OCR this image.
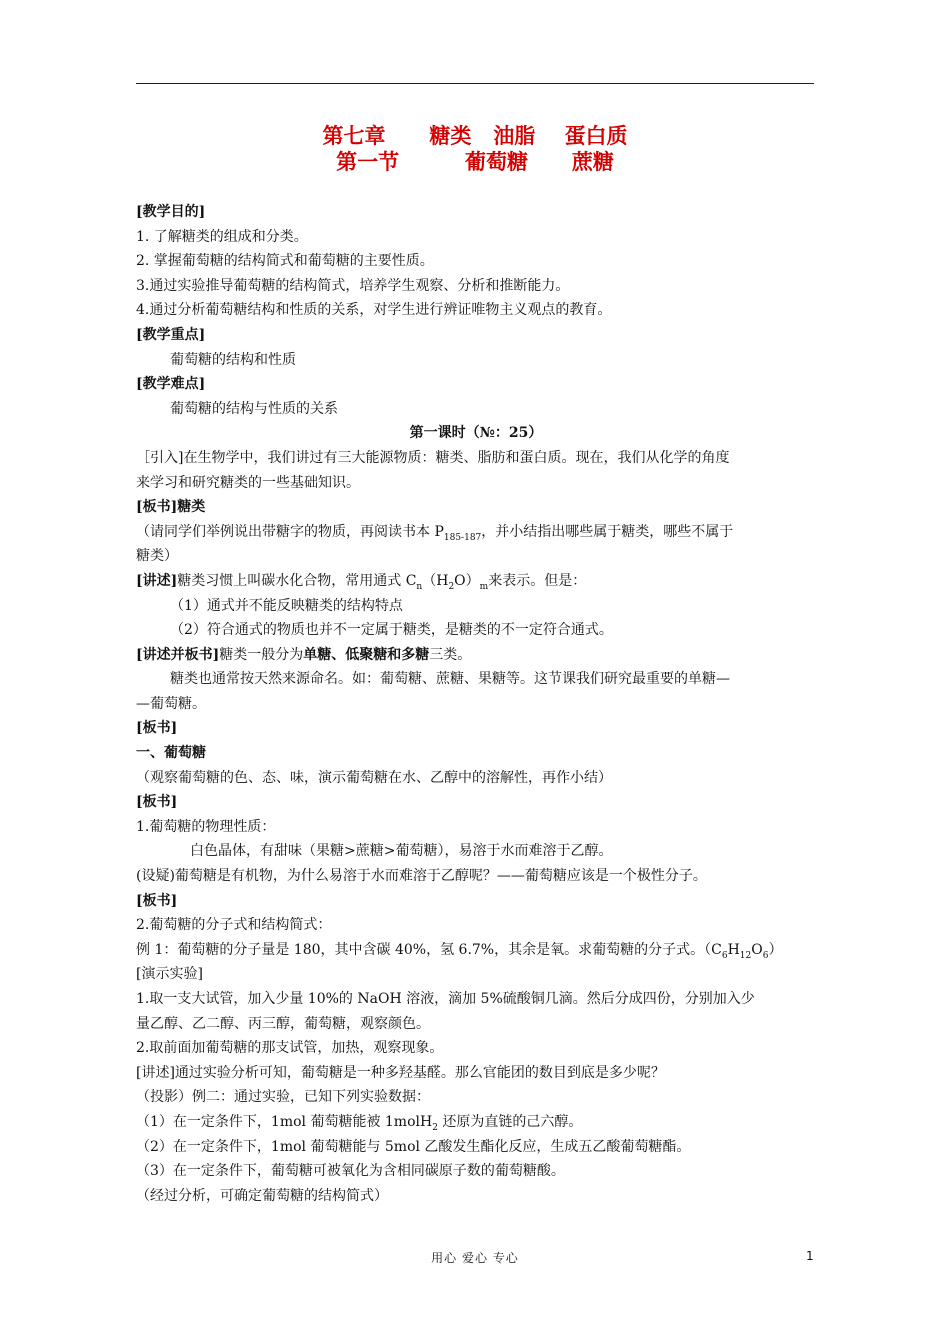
第七章      糖类   油脂    蛋白质
第一节         葡萄糖      蔗糖

[教学目的]

1. 了解糖类的组成和分类。

2. 掌握葡萄糖的结构简式和葡萄糖的主要性质。

3.通过实验推导葡萄糖的结构简式，培养学生观察、分析和推断能力。

4.通过分析葡萄糖结构和性质的关系，对学生进行辨证唯物主义观点的教育。

[教学重点]

葡萄糖的结构和性质

[教学难点]

葡萄糖的结构与性质的关系

第一课时（№：25）

［引入]在生物学中，我们讲过有三大能源物质：糖类、脂肪和蛋白质。现在，我们从化学的角度

来学习和研究糖类的一些基础知识。

[板书]糖类

（请同学们举例说出带糖字的物质，再阅读书本 $P_{185-187}$，并小结指出哪些属于糖类，哪些不属于

糖类）

[讲述]糖类习惯上叫碳水化合物，常用通式 $C_n(H_2O)_m$来表示。但是：

（1）通式并不能反映糖类的结构特点

（2）符合通式的物质也并不一定属于糖类，是糖类的不一定符合通式。

[讲述并板书]糖类一般分为单糖、低聚糖和多糖三类。

糖类也通常按天然来源命名。如：葡萄糖、蔗糖、果糖等。这节课我们研究最重要的单糖—

—葡萄糖。

[板书]

一、葡萄糖

（观察葡萄糖的色、态、味，演示葡萄糖在水、乙醇中的溶解性，再作小结）

[板书]

1.葡萄糖的物理性质：

白色晶体，有甜味（果糖>蔗糖>葡萄糖），易溶于水而难溶于乙醇。

(设疑)葡萄糖是有机物，为什么易溶于水而难溶于乙醇呢？——葡萄糖应该是一个极性分子。

[板书]

2.葡萄糖的分子式和结构简式：

例 1：葡萄糖的分子量是 180，其中含碳 40%，氢 6.7%，其余是氧。求葡萄糖的分子式。$(C_6H_{12}O_6)$

[演示实验]

1.取一支大试管，加入少量 10%的 NaOH 溶液，滴加 5%硫酸铜几滴。然后分成四份，分别加入少

量乙醇、乙二醇、丙三醇，葡萄糖，观察颜色。

2.取前面加葡萄糖的那支试管，加热，观察现象。

[讲述]通过实验分析可知，葡萄糖是一种多羟基醛。那么官能团的数目到底是多少呢？

（投影）例二：通过实验，已知下列实验数据：

（1）在一定条件下，1mol 葡萄糖能被 1molH$_2$ 还原为直链的己六醇。

（2）在一定条件下，1mol 葡萄糖能与 5mol 乙酸发生酯化反应，生成五乙酸葡萄糖酯。

（3）在一定条件下，葡萄糖可被氧化为含相同碳原子数的葡萄糖酸。

（经过分析，可确定葡萄糖的结构简式）

用心 爱心 专心	1
